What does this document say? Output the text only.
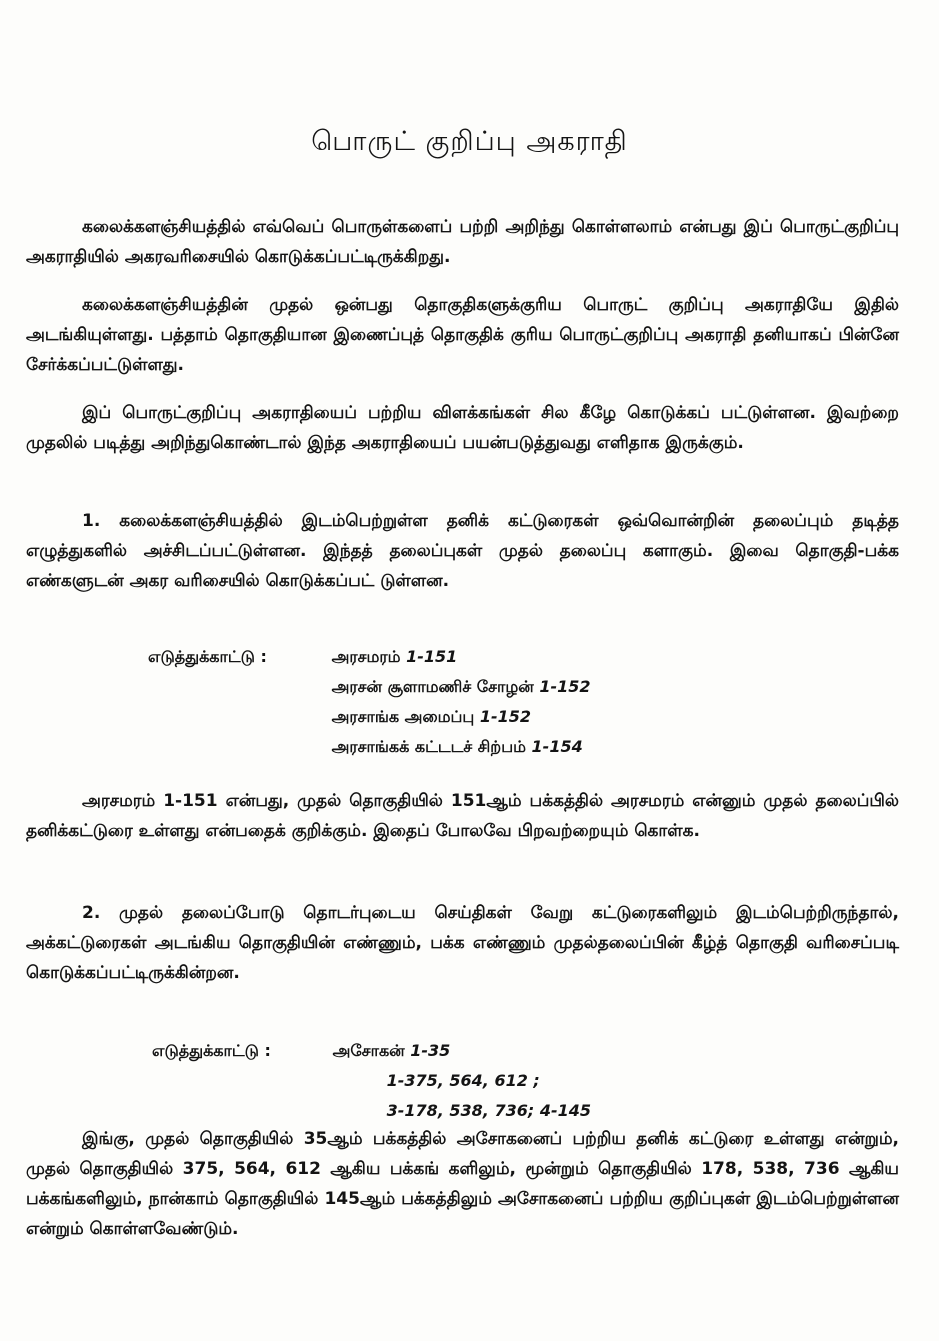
பொருட் குறிப்பு அகராதி

கலைக்களஞ்சியத்தில் எவ்வெப் பொருள்களைப் பற்றி அறிந்து கொள்ளலாம் என்பது இப் பொருட்குறிப்பு அகராதியில் அகரவரிசையில் கொடுக்கப்பட்டிருக்கிறது.

கலைக்களஞ்சியத்தின் முதல் ஒன்பது தொகுதிகளுக்குரிய பொருட் குறிப்பு அகராதியே இதில் அடங்கியுள்ளது. பத்தாம் தொகுதியான இணைப்புத் தொகுதிக் குரிய பொருட்குறிப்பு அகராதி தனியாகப் பின்னே சேர்க்கப்பட்டுள்ளது.

இப் பொருட்குறிப்பு அகராதியைப் பற்றிய விளக்கங்கள் சில கீழே கொடுக்கப் பட்டுள்ளன. இவற்றை முதலில் படித்து அறிந்துகொண்டால் இந்த அகராதியைப் பயன்படுத்துவது எளிதாக இருக்கும்.

1. கலைக்களஞ்சியத்தில் இடம்பெற்றுள்ள தனிக் கட்டுரைகள் ஒவ்வொன்றின் தலைப்பும் தடித்த எழுத்துகளில் அச்சிடப்பட்டுள்ளன. இந்தத் தலைப்புகள் முதல் தலைப்பு களாகும். இவை தொகுதி-பக்க எண்களுடன் அகர வரிசையில் கொடுக்கப்பட் டுள்ளன.

எடுத்துக்காட்டு :	அரசமரம் 1-151
அரசன் சூளாமணிச் சோழன் 1-152
அரசாங்க அமைப்பு 1-152
அரசாங்கக் கட்டடச் சிற்பம் 1-154

அரசமரம் 1-151 என்பது, முதல் தொகுதியில் 151ஆம் பக்கத்தில் அரசமரம் என்னும் முதல் தலைப்பில் தனிக்கட்டுரை உள்ளது என்பதைக் குறிக்கும். இதைப் போலவே பிறவற்றையும் கொள்க.

2. முதல் தலைப்போடு தொடர்புடைய செய்திகள் வேறு கட்டுரைகளிலும் இடம்பெற்றிருந்தால், அக்கட்டுரைகள் அடங்கிய தொகுதியின் எண்ணும், பக்க எண்ணும் முதல்தலைப்பின் கீழ்த் தொகுதி வரிசைப்படி கொடுக்கப்பட்டிருக்கின்றன.

எடுத்துக்காட்டு :	அசோகன் 1-35
1-375, 564, 612 ;
3-178, 538, 736; 4-145

இங்கு, முதல் தொகுதியில் 35ஆம் பக்கத்தில் அசோகனைப் பற்றிய தனிக் கட்டுரை உள்ளது என்றும், முதல் தொகுதியில் 375, 564, 612 ஆகிய பக்கங் களிலும், மூன்றும் தொகுதியில் 178, 538, 736 ஆகிய பக்கங்களிலும், நான்காம் தொகுதியில் 145ஆம் பக்கத்திலும் அசோகனைப் பற்றிய குறிப்புகள் இடம்பெற்றுள்ளன என்றும் கொள்ளவேண்டும்.
